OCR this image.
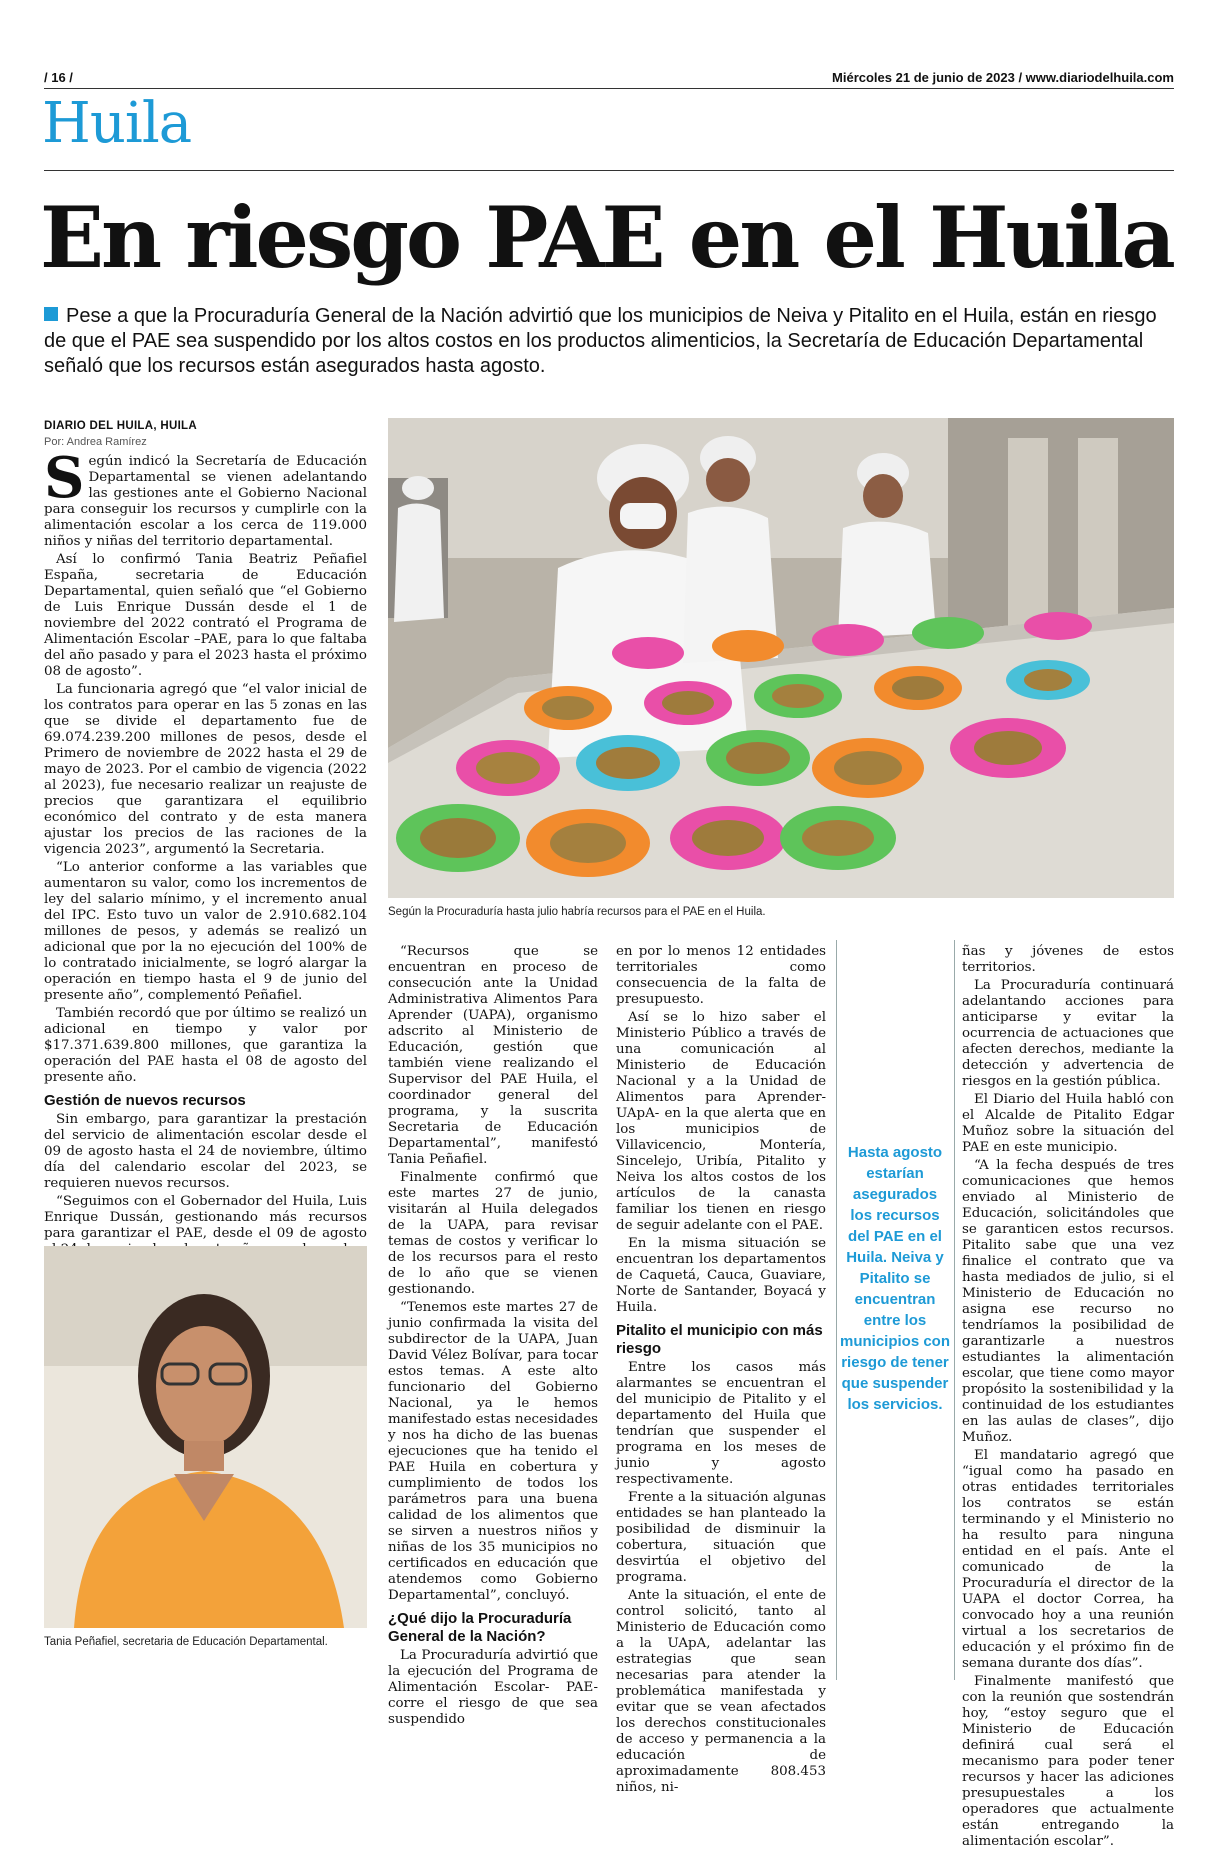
/ 16 /	Miércoles 21 de junio de 2023 / www.diariodelhuila.com
Huila
En riesgo PAE en el Huila
Pese a que la Procuraduría General de la Nación advirtió que los municipios de Neiva y Pitalito en el Huila, están en riesgo de que el PAE sea suspendido por los altos costos en los productos alimenticios, la Secretaría de Educación Departamental señaló que los recursos están asegurados hasta agosto.
DIARIO DEL HUILA, HUILA
Por: Andrea Ramírez

Según indicó la Secretaría de Educación Departamental se vienen adelantando las gestiones ante el Gobierno Nacional para conseguir los recursos y cumplirle con la alimentación escolar a los cerca de 119.000 niños y niñas del territorio departamental.

Así lo confirmó Tania Beatriz Peñafiel España, secretaria de Educación Departamental, quien señaló que “el Gobierno de Luis Enrique Dussán desde el 1 de noviembre del 2022 contrató el Programa de Alimentación Escolar –PAE, para lo que faltaba del año pasado y para el 2023 hasta el próximo 08 de agosto”.

La funcionaria agregó que “el valor inicial de los contratos para operar en las 5 zonas en las que se divide el departamento fue de 69.074.239.200 millones de pesos, desde el Primero de noviembre de 2022 hasta el 29 de mayo de 2023. Por el cambio de vigencia (2022 al 2023), fue necesario realizar un reajuste de precios que garantizara el equilibrio económico del contrato y de esta manera ajustar los precios de las raciones de la vigencia 2023”, argumentó la Secretaria.

“Lo anterior conforme a las variables que aumentaron su valor, como los incrementos de ley del salario mínimo, y el incremento anual del IPC. Esto tuvo un valor de 2.910.682.104 millones de pesos, y además se realizó un adicional que por la no ejecución del 100% de lo contratado inicialmente, se logró alargar la operación en tiempo hasta el 9 de junio del presente año”, complementó Peñafiel.

También recordó que por último se realizó un adicional en tiempo y valor por $17.371.639.800 millones, que garantiza la operación del PAE hasta el 08 de agosto del presente año.

Gestión de nuevos recursos

Sin embargo, para garantizar la prestación del servicio de alimentación escolar desde el 09 de agosto hasta el 24 de noviembre, último día del calendario escolar del 2023, se requieren nuevos recursos.

“Seguimos con el Gobernador del Huila, Luis Enrique Dussán, gestionando más recursos para garantizar el PAE, desde el 09 de agosto

Según la Procuraduría hasta julio habría recursos para el PAE en el Huila.
Tania Peñafiel, secretaria de Educación Departamental.

“Recursos que se encuentran en proceso de consecución ante la Unidad Administrativa Alimentos Para Aprender (UAPA), organismo adscrito al Ministerio de Educación, gestión que también viene realizando el Supervisor del PAE Huila, el coordinador general del programa, y la suscrita Secretaria de Educación Departamental”, manifestó Tania Peñafiel.

Finalmente confirmó que este martes 27 de junio, visitarán al Huila delegados de la UAPA, para revisar temas de costos y verificar lo de los recursos para el resto de lo año que se vienen gestionando.

“Tenemos este martes 27 de junio confirmada la visita del subdirector de la UAPA, Juan David Vélez Bolívar, para tocar estos temas. A este alto funcionario del Gobierno Nacional, ya le hemos manifestado estas necesidades y nos ha dicho de las buenas ejecuciones que ha tenido el PAE Huila en cobertura y cumplimiento de todos los parámetros para una buena calidad de los alimentos que se sirven a nuestros niños y niñas de los 35 municipios no certificados en educación que atendemos como Gobierno Departamental”, concluyó.

¿Qué dijo la Procuraduría General de la Nación?

La Procuraduría advirtió que la ejecución del Programa de Alimentación Escolar- PAE- corre el riesgo de que sea suspendido

en por lo menos 12 entidades territoriales como consecuencia de la falta de presupuesto.

Así se lo hizo saber el Ministerio Público a través de una comunicación al Ministerio de Educación Nacional y a la Unidad de Alimentos para Aprender- UApA- en la que alerta que en los municipios de Villavicencio, Montería, Sincelejo, Uribía, Pitalito y Neiva los altos costos de los artículos de la canasta familiar los tienen en riesgo de seguir adelante con el PAE.

En la misma situación se encuentran los departamentos de Caquetá, Cauca, Guaviare, Norte de Santander, Boyacá y Huila.

Pitalito el municipio con más riesgo

Entre los casos más alarmantes se encuentran el del municipio de Pitalito y el departamento del Huila que tendrían que suspender el programa en los meses de junio y agosto respectivamente.

Frente a la situación algunas entidades se han planteado la posibilidad de disminuir la cobertura, situación que desvirtúa el objetivo del programa.

Ante la situación, el ente de control solicitó, tanto al Ministerio de Educación como a la UApA, adelantar las estrategias que sean necesarias para atender la problemática manifestada y evitar que se vean afectados los derechos constitucionales de acceso y permanencia a la educación de aproximadamente 808.453 niños, ni-

Hasta agosto estarían asegurados los recursos del PAE en el Huila. Neiva y Pitalito se encuentran entre los municipios con riesgo de tener que suspender los servicios.

ñas y jóvenes de estos territorios.

La Procuraduría continuará adelantando acciones para anticiparse y evitar la ocurrencia de actuaciones que afecten derechos, mediante la detección y advertencia de riesgos en la gestión pública.

El Diario del Huila habló con el Alcalde de Pitalito Edgar Muñoz sobre la situación del PAE en este municipio.

“A la fecha después de tres comunicaciones que hemos enviado al Ministerio de Educación, solicitándoles que se garanticen estos recursos. Pitalito sabe que una vez finalice el contrato que va hasta mediados de julio, si el Ministerio de Educación no asigna ese recurso no tendríamos la posibilidad de garantizarle a nuestros estudiantes la alimentación escolar, que tiene como mayor propósito la sostenibilidad y la continuidad de los estudiantes en las aulas de clases”, dijo Muñoz.

El mandatario agregó que “igual como ha pasado en otras entidades territoriales los contratos se están terminando y el Ministerio no ha resulto para ninguna entidad en el país. Ante el comunicado de la Procuraduría el director de la UAPA el doctor Correa, ha convocado hoy a una reunión virtual a los secretarios de educación y el próximo fin de semana durante dos días”.

Finalmente manifestó que con la reunión que sostendrán hoy, “estoy seguro que el Ministerio de Educación definirá cual será el mecanismo para poder tener recursos y hacer las adiciones presupuestales a los operadores que actualmente están entregando la alimentación escolar”.
